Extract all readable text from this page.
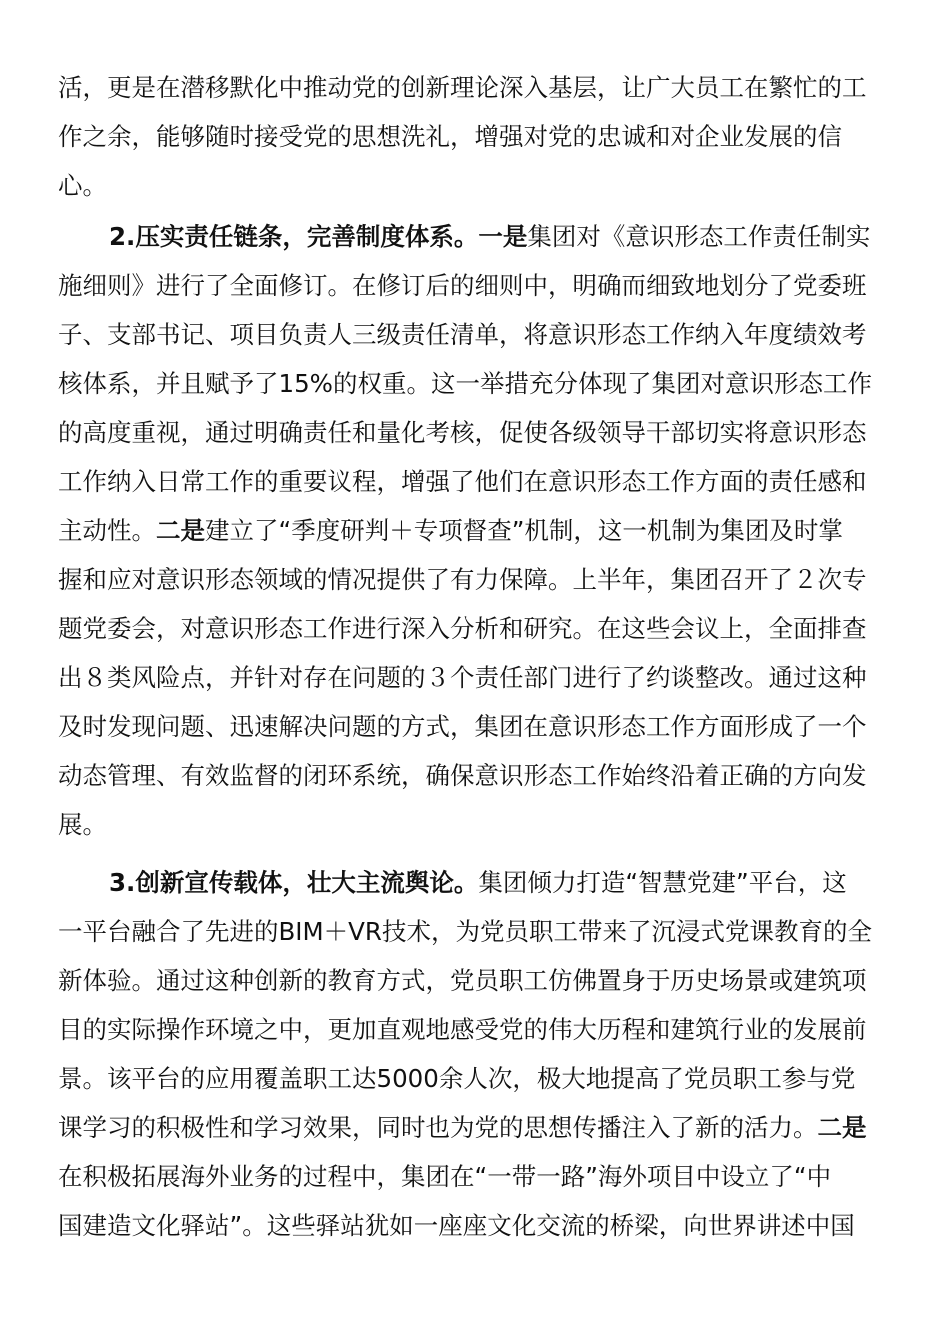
活，更是在潜移默化中推动党的创新理论深入基层，让广大员工在繁忙的工
作之余，能够随时接受党的思想洗礼，增强对党的忠诚和对企业发展的信
心。
2.压实责任链条，完善制度体系。一是集团对《意识形态工作责任制实
施细则》进行了全面修订。在修订后的细则中，明确而细致地划分了党委班
子、支部书记、项目负责人三级责任清单，将意识形态工作纳入年度绩效考
核体系，并且赋予了15%的权重。这一举措充分体现了集团对意识形态工作
的高度重视，通过明确责任和量化考核，促使各级领导干部切实将意识形态
工作纳入日常工作的重要议程，增强了他们在意识形态工作方面的责任感和
主动性。二是建立了“季度研判＋专项督查”机制，这一机制为集团及时掌
握和应对意识形态领域的情况提供了有力保障。上半年，集团召开了２次专
题党委会，对意识形态工作进行深入分析和研究。在这些会议上，全面排查
出８类风险点，并针对存在问题的３个责任部门进行了约谈整改。通过这种
及时发现问题、迅速解决问题的方式，集团在意识形态工作方面形成了一个
动态管理、有效监督的闭环系统，确保意识形态工作始终沿着正确的方向发
展。
3.创新宣传载体，壮大主流舆论。集团倾力打造“智慧党建”平台，这
一平台融合了先进的BIM＋VR技术，为党员职工带来了沉浸式党课教育的全
新体验。通过这种创新的教育方式，党员职工仿佛置身于历史场景或建筑项
目的实际操作环境之中，更加直观地感受党的伟大历程和建筑行业的发展前
景。该平台的应用覆盖职工达5000余人次，极大地提高了党员职工参与党
课学习的积极性和学习效果，同时也为党的思想传播注入了新的活力。二是
在积极拓展海外业务的过程中，集团在“一带一路”海外项目中设立了“中
国建造文化驿站”。这些驿站犹如一座座文化交流的桥梁，向世界讲述中国
